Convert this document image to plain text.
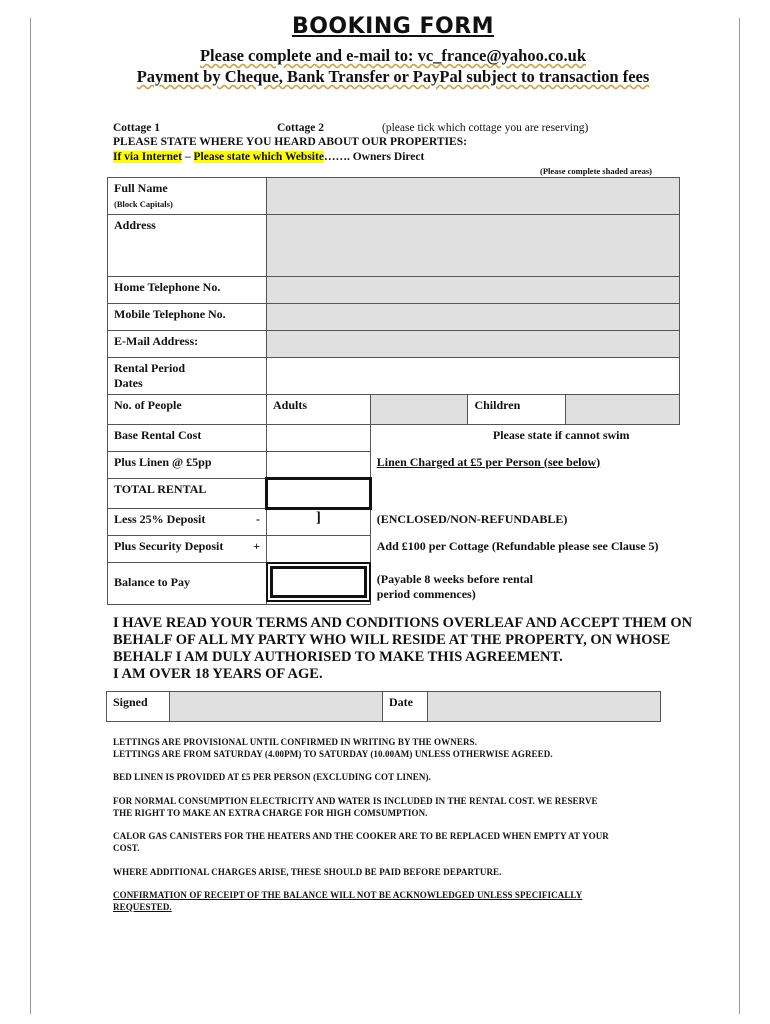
BOOKING FORM
Please complete and e-mail to: vc_france@yahoo.co.uk
Payment by Cheque, Bank Transfer or PayPal subject to transaction fees
Cottage 1	Cottage 2	(please tick which cottage you are reserving)
PLEASE STATE WHERE YOU HEARD ABOUT OUR PROPERTIES:
If via Internet – Please state which Website……. Owners Direct
(Please complete shaded areas)
Full Name
(Block Capitals)				
Address				
Home Telephone No.				
Mobile Telephone No.				
E-Mail Address:				
Rental Period
Dates				
No. of People	Adults		Children	
Base Rental Cost		Please state if cannot swim		
Plus Linen @ £5pp		Linen Charged at £5 per Person (see below)		
TOTAL RENTAL				
Less 25% Deposit -	]	(ENCLOSED/NON-REFUNDABLE)		
Plus Security Deposit +		Add £100 per Cottage (Refundable please see Clause 5)		
Balance to Pay		(Payable 8 weeks before rental
period commences)		
I HAVE READ YOUR TERMS AND CONDITIONS OVERLEAF AND ACCEPT THEM ON
BEHALF OF ALL MY PARTY WHO WILL RESIDE AT THE PROPERTY, ON WHOSE
BEHALF I AM DULY AUTHORISED TO MAKE THIS AGREEMENT.
I AM OVER 18 YEARS OF AGE.
Signed		Date	
LETTINGS ARE PROVISIONAL UNTIL CONFIRMED IN WRITING BY THE OWNERS.
LETTINGS ARE FROM SATURDAY (4.00PM) TO SATURDAY (10.00AM) UNLESS OTHERWISE AGREED.
BED LINEN IS PROVIDED AT £5 PER PERSON (EXCLUDING COT LINEN).
FOR NORMAL CONSUMPTION ELECTRICITY AND WATER IS INCLUDED IN THE RENTAL COST. WE RESERVE
THE RIGHT TO MAKE AN EXTRA CHARGE FOR HIGH COMSUMPTION.
CALOR GAS CANISTERS FOR THE HEATERS AND THE COOKER ARE TO BE REPLACED WHEN EMPTY AT YOUR
COST.
WHERE ADDITIONAL CHARGES ARISE, THESE SHOULD BE PAID BEFORE DEPARTURE.
CONFIRMATION OF RECEIPT OF THE BALANCE WILL NOT BE ACKNOWLEDGED UNLESS SPECIFICALLY
REQUESTED.
